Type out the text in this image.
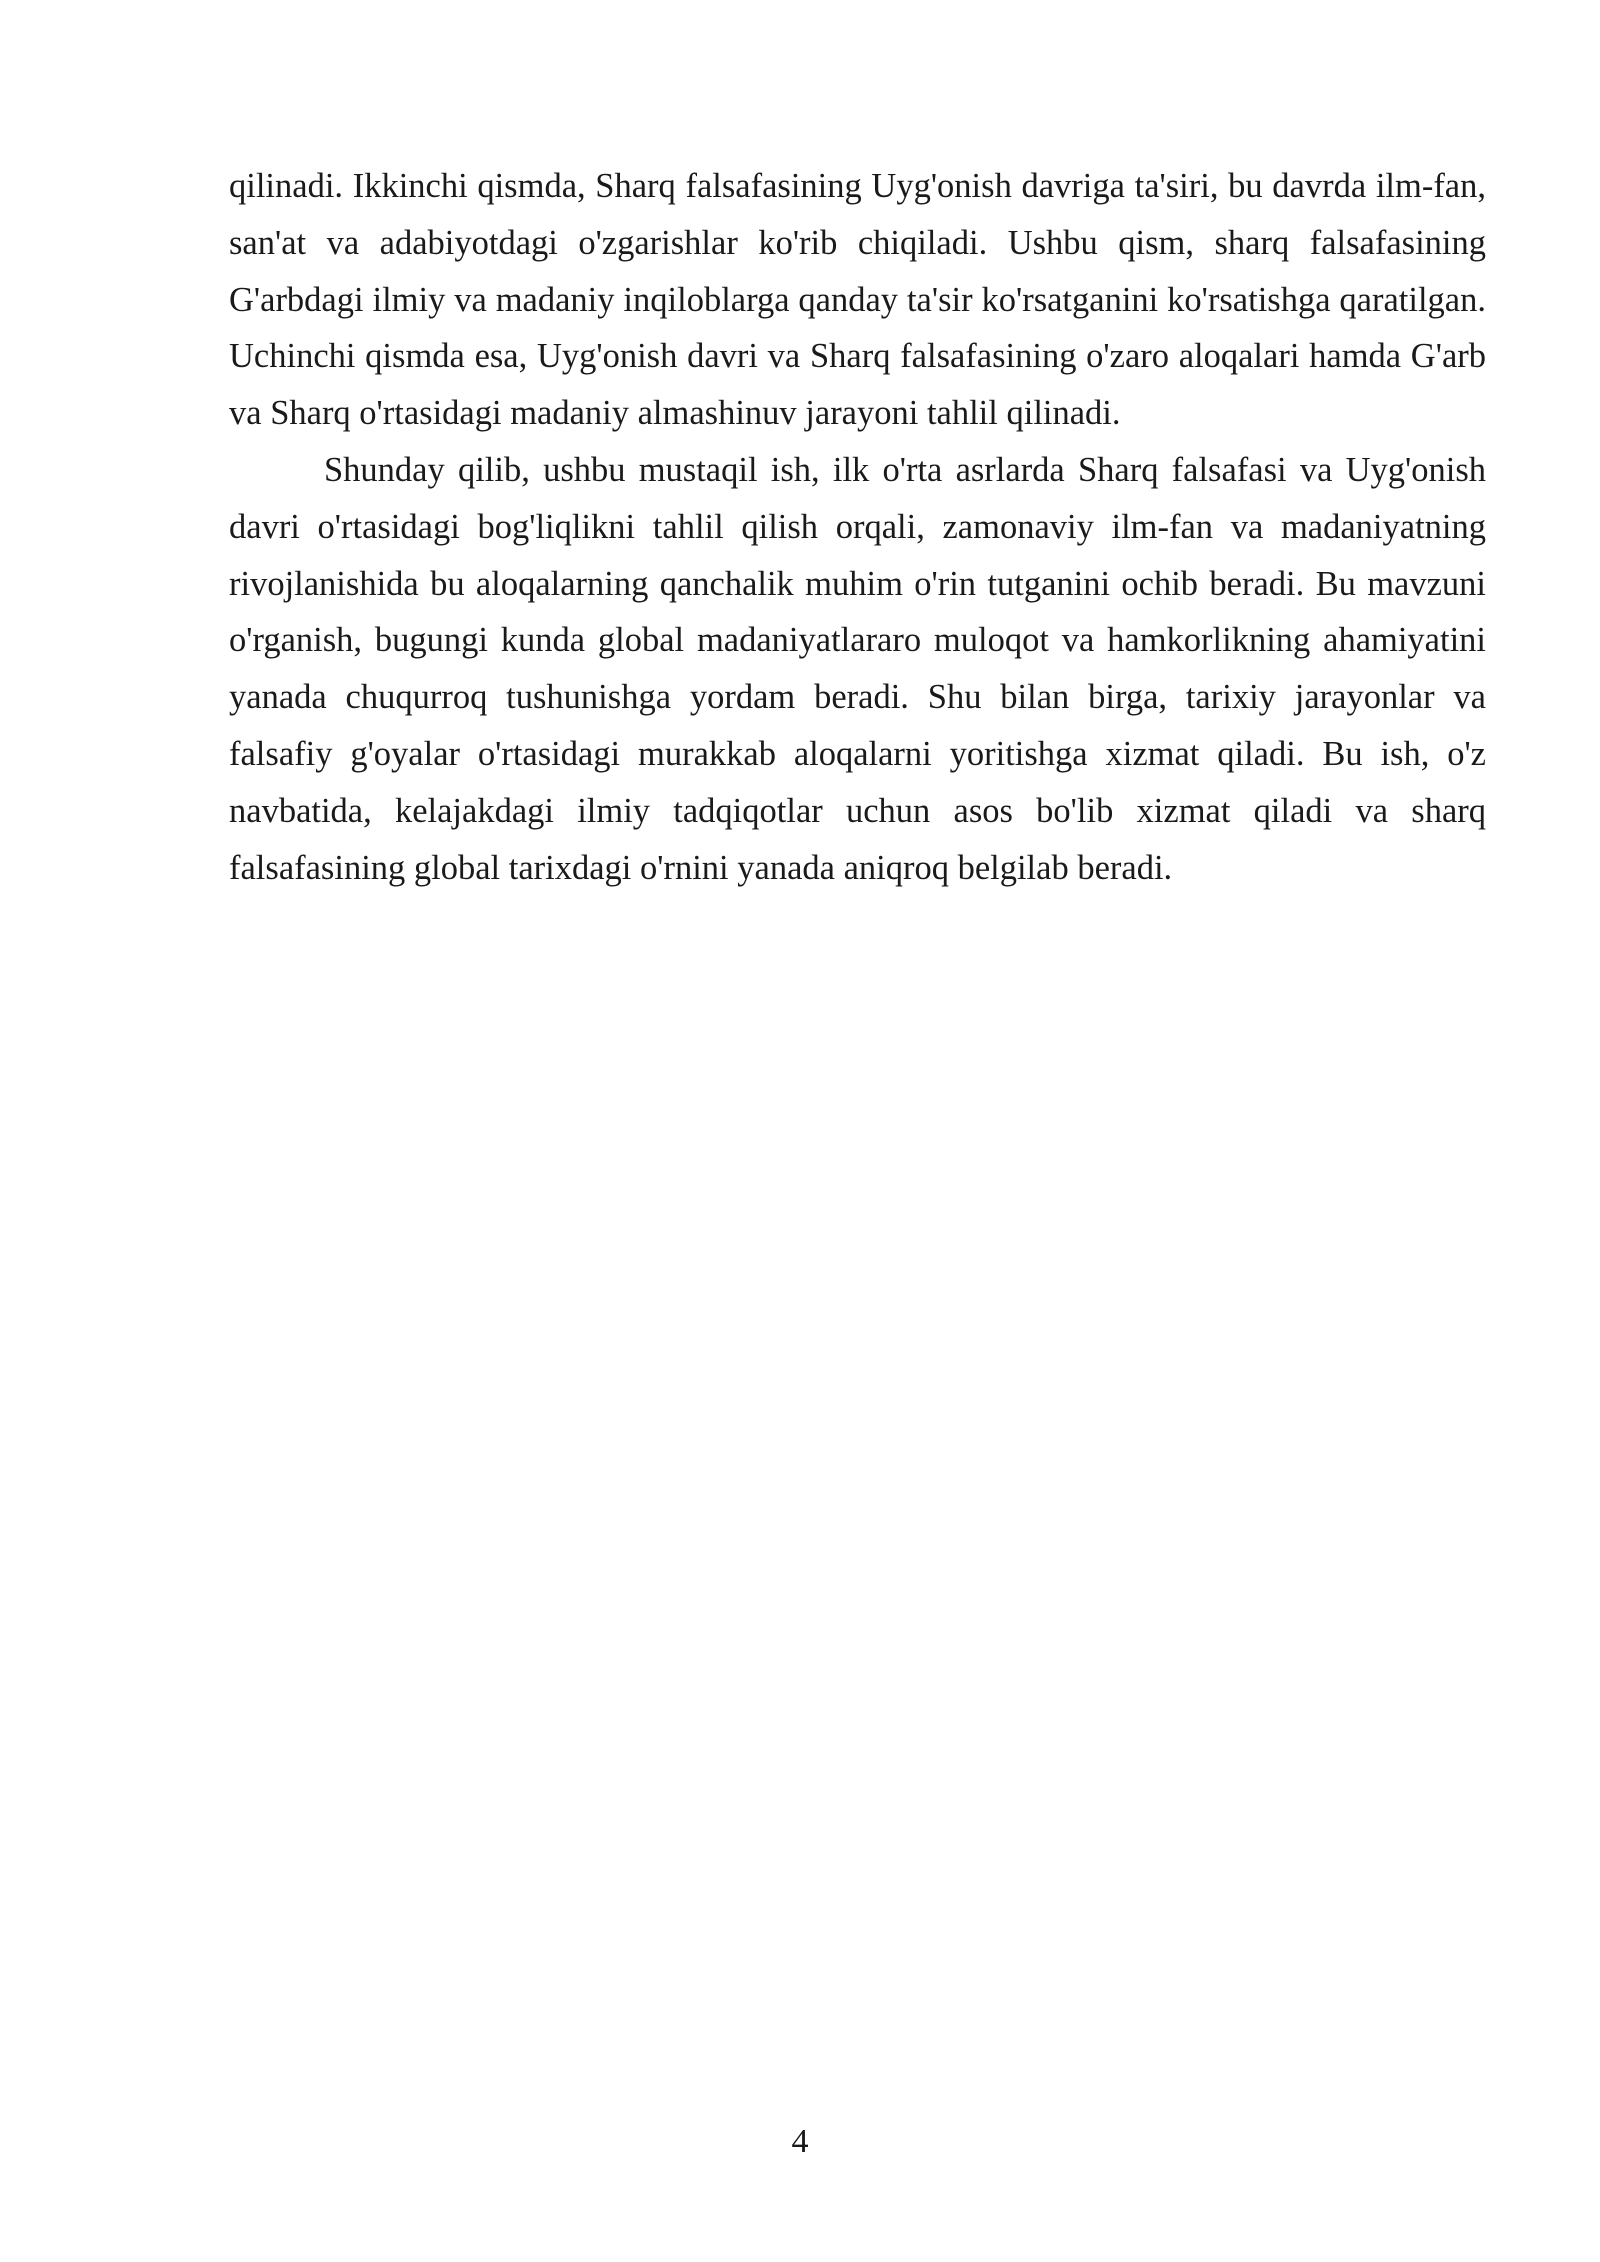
qilinadi. Ikkinchi qismda, Sharq falsafasining Uyg'onish davriga ta'siri, bu davrda ilm-fan, san'at va adabiyotdagi o'zgarishlar ko'rib chiqiladi. Ushbu qism, sharq falsafasining G'arbdagi ilmiy va madaniy inqiloblarga qanday ta'sir ko'rsatganini ko'rsatishga qaratilgan. Uchinchi qismda esa, Uyg'onish davri va Sharq falsafasining o'zaro aloqalari hamda G'arb va Sharq o'rtasidagi madaniy almashinuv jarayoni tahlil qilinadi.

Shunday qilib, ushbu mustaqil ish, ilk o'rta asrlarda Sharq falsafasi va Uyg'onish davri o'rtasidagi bog'liqlikni tahlil qilish orqali, zamonaviy ilm-fan va madaniyatning rivojlanishida bu aloqalarning qanchalik muhim o'rin tutganini ochib beradi. Bu mavzuni o'rganish, bugungi kunda global madaniyatlararo muloqot va hamkorlikning ahamiyatini yanada chuqurroq tushunishga yordam beradi. Shu bilan birga, tarixiy jarayonlar va falsafiy g'oyalar o'rtasidagi murakkab aloqalarni yoritishga xizmat qiladi. Bu ish, o'z navbatida, kelajakdagi ilmiy tadqiqotlar uchun asos bo'lib xizmat qiladi va sharq falsafasining global tarixdagi o'rnini yanada aniqroq belgilab beradi.

4
